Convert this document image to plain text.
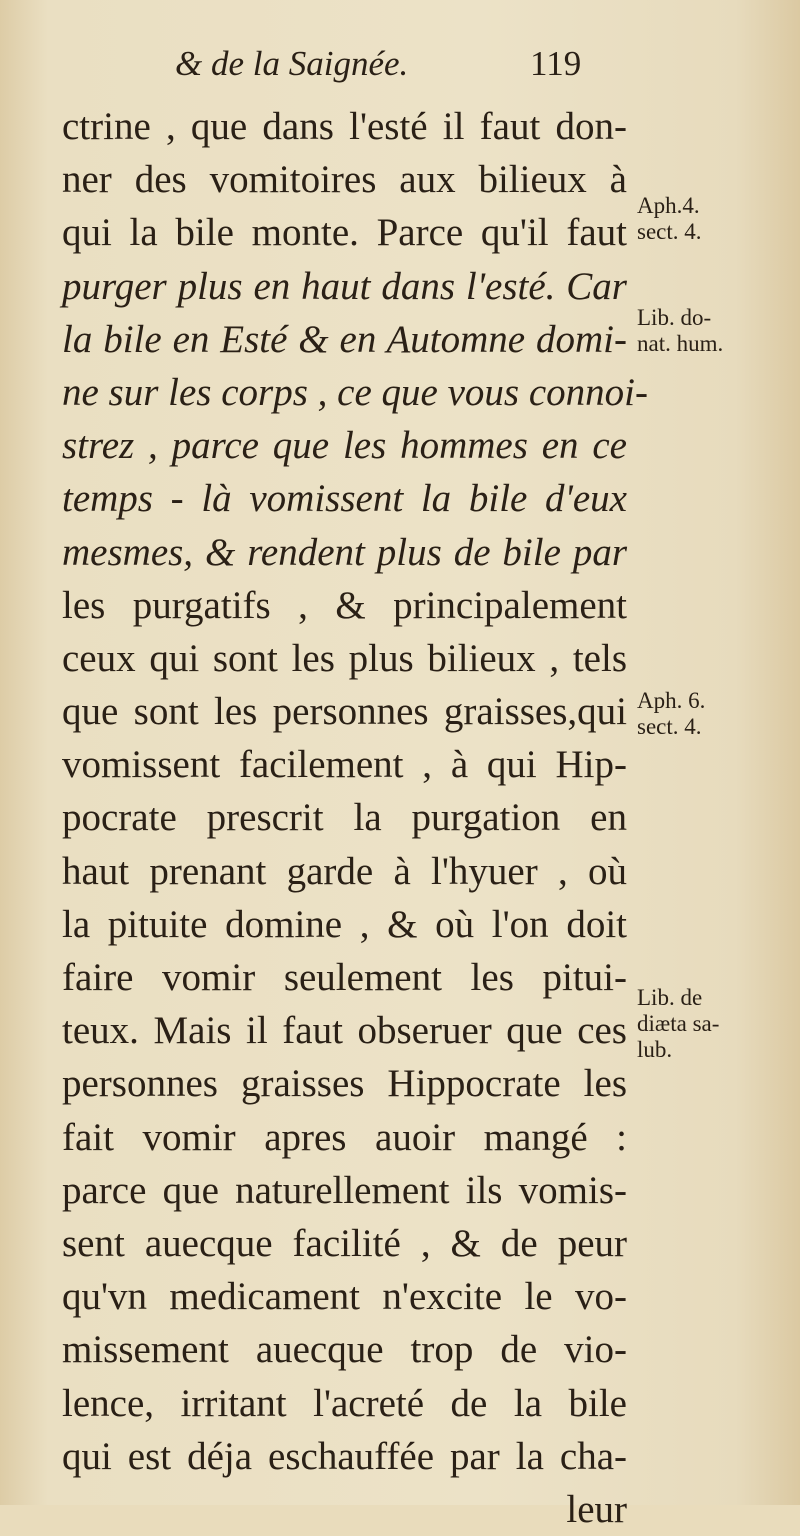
& de la Saignée.	119
ctrine , que dans l'esté il faut don-
ner des vomitoires aux bilieux à
qui la bile monte. Parce qu'il faut
purger plus en haut dans l'esté. Car
la bile en Esté & en Automne domi-
ne sur les corps , ce que vous connoi-
strez , parce que les hommes en ce
temps - là vomissent la bile d'eux
mesmes, & rendent plus de bile par
les purgatifs , & principalement
ceux qui sont les plus bilieux , tels
que sont les personnes graisses,qui
vomissent facilement , à qui Hip-
pocrate prescrit la purgation en
haut prenant garde à l'hyuer , où
la pituite domine , & où l'on doit
faire vomir seulement les pitui-
teux. Mais il faut obseruer que ces
personnes graisses Hippocrate les
fait vomir apres auoir mangé :
parce que naturellement ils vomis-
sent auecque facilité , & de peur
qu'vn medicament n'excite le vo-
missement auecque trop de vio-
lence, irritant l'acreté de la bile
qui est déja eschauffée par la cha-
leur
Aph.4.
sect. 4.
Lib. do-
nat. hum.
Aph. 6.
sect. 4.
Lib. de
diæta sa-
lub.
